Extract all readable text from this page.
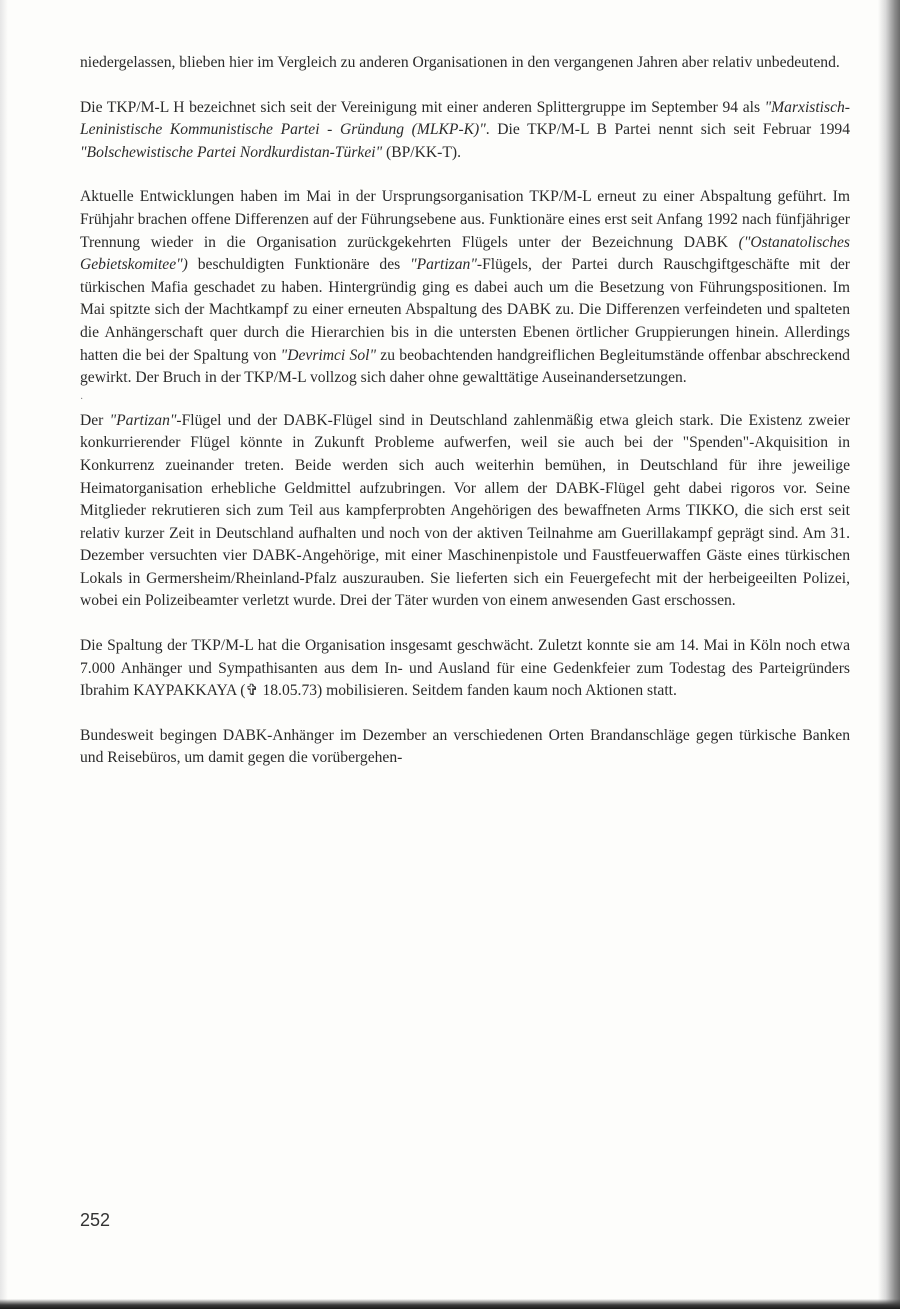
niedergelassen, blieben hier im Vergleich zu anderen Organisationen in den vergangenen Jahren aber relativ unbedeutend.

Die TKP/M-L H bezeichnet sich seit der Vereinigung mit einer anderen Splittergruppe im September 94 als "Marxistisch-Leninistische Kommunistische Partei - Gründung (MLKP-K)". Die TKP/M-L B Partei nennt sich seit Februar 1994 "Bolschewistische Partei Nordkurdistan-Türkei" (BP/KK-T).

Aktuelle Entwicklungen haben im Mai in der Ursprungsorganisation TKP/M-L erneut zu einer Abspaltung geführt. Im Frühjahr brachen offene Differenzen auf der Führungsebene aus. Funktionäre eines erst seit Anfang 1992 nach fünfjähriger Trennung wieder in die Organisation zurückgekehrten Flügels unter der Bezeichnung DABK ("Ostanatolisches Gebietskomitee") beschuldigten Funktionäre des "Partizan"-Flügels, der Partei durch Rauschgiftgeschäfte mit der türkischen Mafia geschadet zu haben. Hintergründig ging es dabei auch um die Besetzung von Führungspositionen. Im Mai spitzte sich der Machtkampf zu einer erneuten Abspaltung des DABK zu. Die Differenzen verfeindeten und spalteten die Anhängerschaft quer durch die Hierarchien bis in die untersten Ebenen örtlicher Gruppierungen hinein. Allerdings hatten die bei der Spaltung von "Devrimci Sol" zu beobachtenden handgreiflichen Begleitumstände offenbar abschreckend gewirkt. Der Bruch in der TKP/M-L vollzog sich daher ohne gewalttätige Auseinandersetzungen.

·

Der "Partizan"-Flügel und der DABK-Flügel sind in Deutschland zahlenmäßig etwa gleich stark. Die Existenz zweier konkurrierender Flügel könnte in Zukunft Probleme aufwerfen, weil sie auch bei der "Spenden"-Akquisition in Konkurrenz zueinander treten. Beide werden sich auch weiterhin bemühen, in Deutschland für ihre jeweilige Heimatorganisation erhebliche Geldmittel aufzubringen. Vor allem der DABK-Flügel geht dabei rigoros vor. Seine Mitglieder rekrutieren sich zum Teil aus kampferprobten Angehörigen des bewaffneten Arms TIKKO, die sich erst seit relativ kurzer Zeit in Deutschland aufhalten und noch von der aktiven Teilnahme am Guerillakampf geprägt sind. Am 31. Dezember versuchten vier DABK-Angehörige, mit einer Maschinenpistole und Faustfeuerwaffen Gäste eines türkischen Lokals in Germersheim/Rheinland-Pfalz auszurauben. Sie lieferten sich ein Feuergefecht mit der herbeigeeilten Polizei, wobei ein Polizeibeamter verletzt wurde. Drei der Täter wurden von einem anwesenden Gast erschossen.

Die Spaltung der TKP/M-L hat die Organisation insgesamt geschwächt. Zuletzt konnte sie am 14. Mai in Köln noch etwa 7.000 Anhänger und Sympathisanten aus dem In- und Ausland für eine Gedenkfeier zum Todestag des Parteigründers Ibrahim KAYPAKKAYA (✞ 18.05.73) mobilisieren. Seitdem fanden kaum noch Aktionen statt.

Bundesweit begingen DABK-Anhänger im Dezember an verschiedenen Orten Brandanschläge gegen türkische Banken und Reisebüros, um damit gegen die vorübergehen-

252
